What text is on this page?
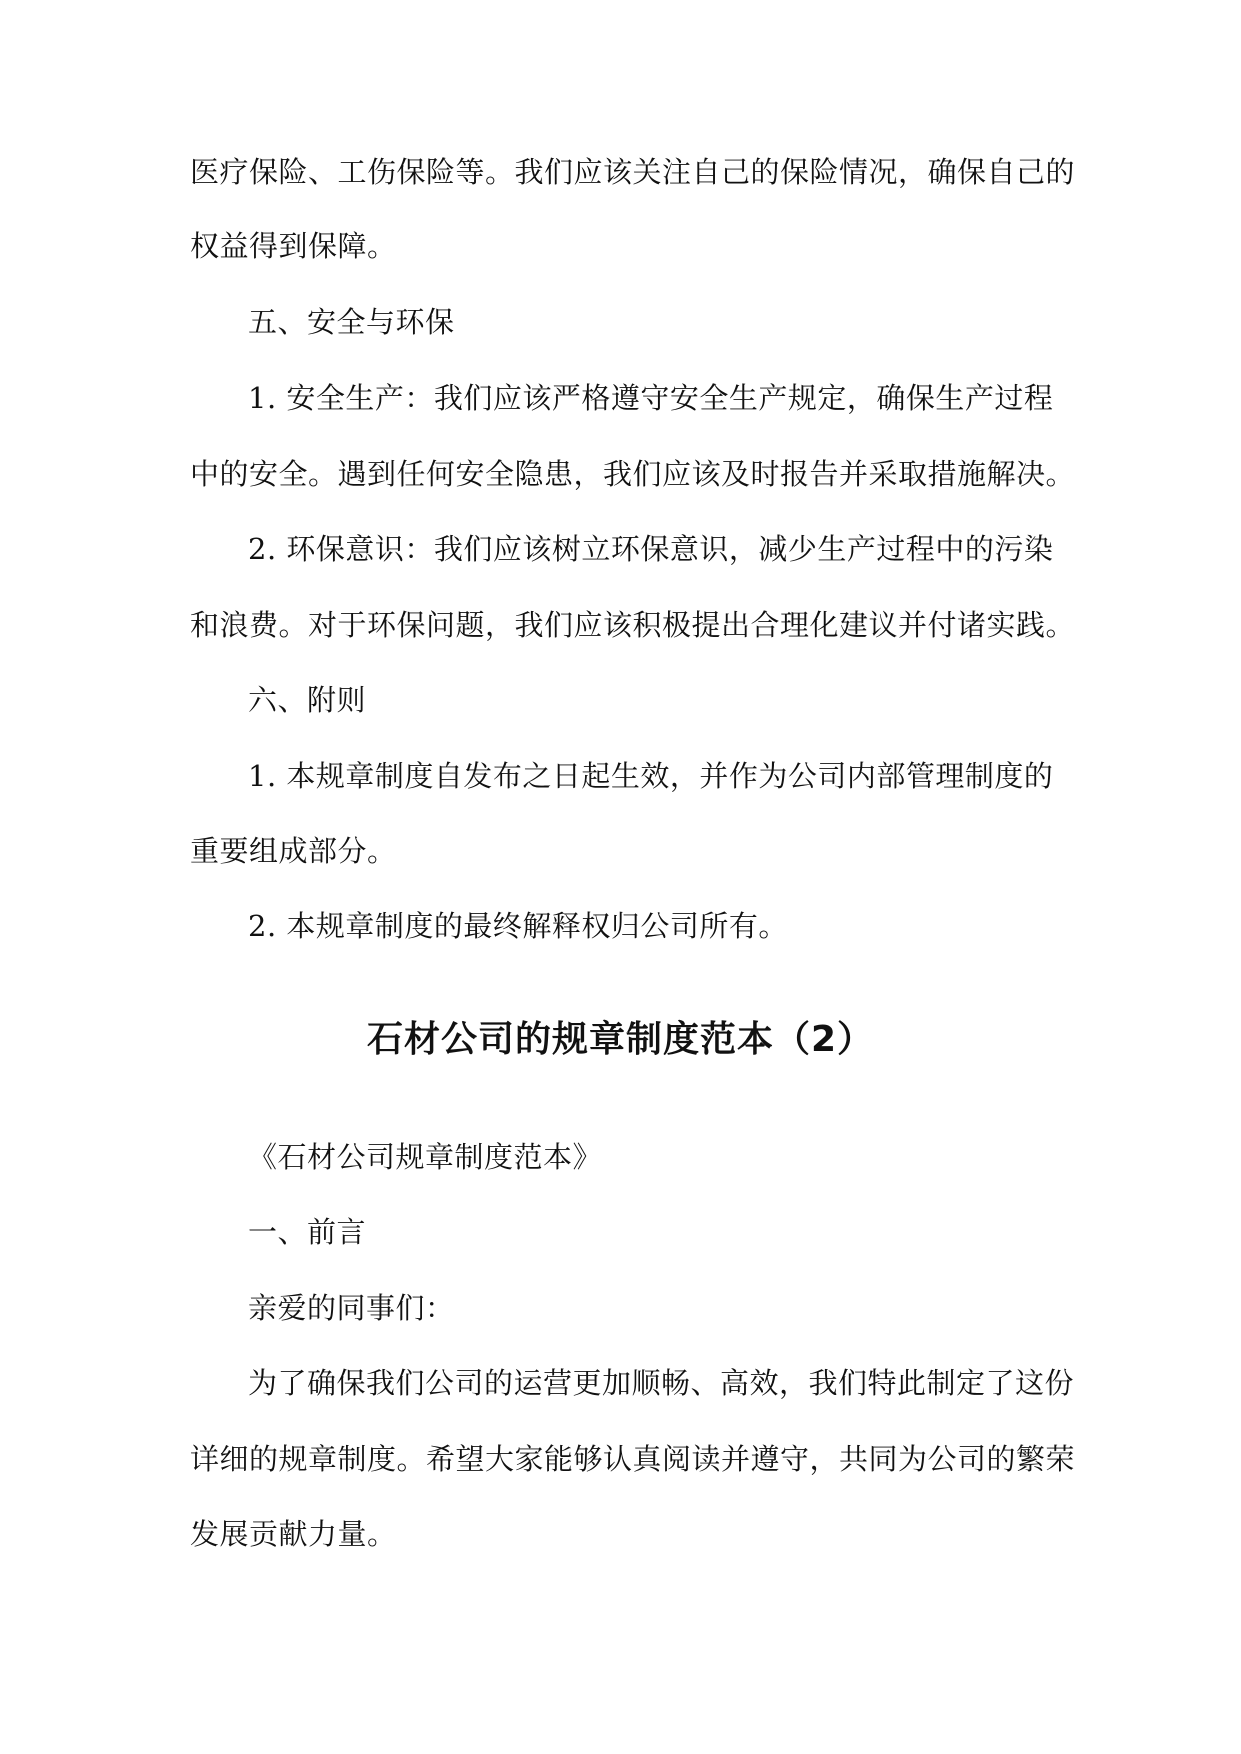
医疗保险、工伤保险等。我们应该关注自己的保险情况，确保自己的
权益得到保障。
五、安全与环保
1. 安全生产：我们应该严格遵守安全生产规定，确保生产过程
中的安全。遇到任何安全隐患，我们应该及时报告并采取措施解决。
2. 环保意识：我们应该树立环保意识，减少生产过程中的污染
和浪费。对于环保问题，我们应该积极提出合理化建议并付诸实践。
六、附则
1. 本规章制度自发布之日起生效，并作为公司内部管理制度的
重要组成部分。
2. 本规章制度的最终解释权归公司所有。
石材公司的规章制度范本（2）
《石材公司规章制度范本》
一、前言
亲爱的同事们：
为了确保我们公司的运营更加顺畅、高效，我们特此制定了这份
详细的规章制度。希望大家能够认真阅读并遵守，共同为公司的繁荣
发展贡献力量。
